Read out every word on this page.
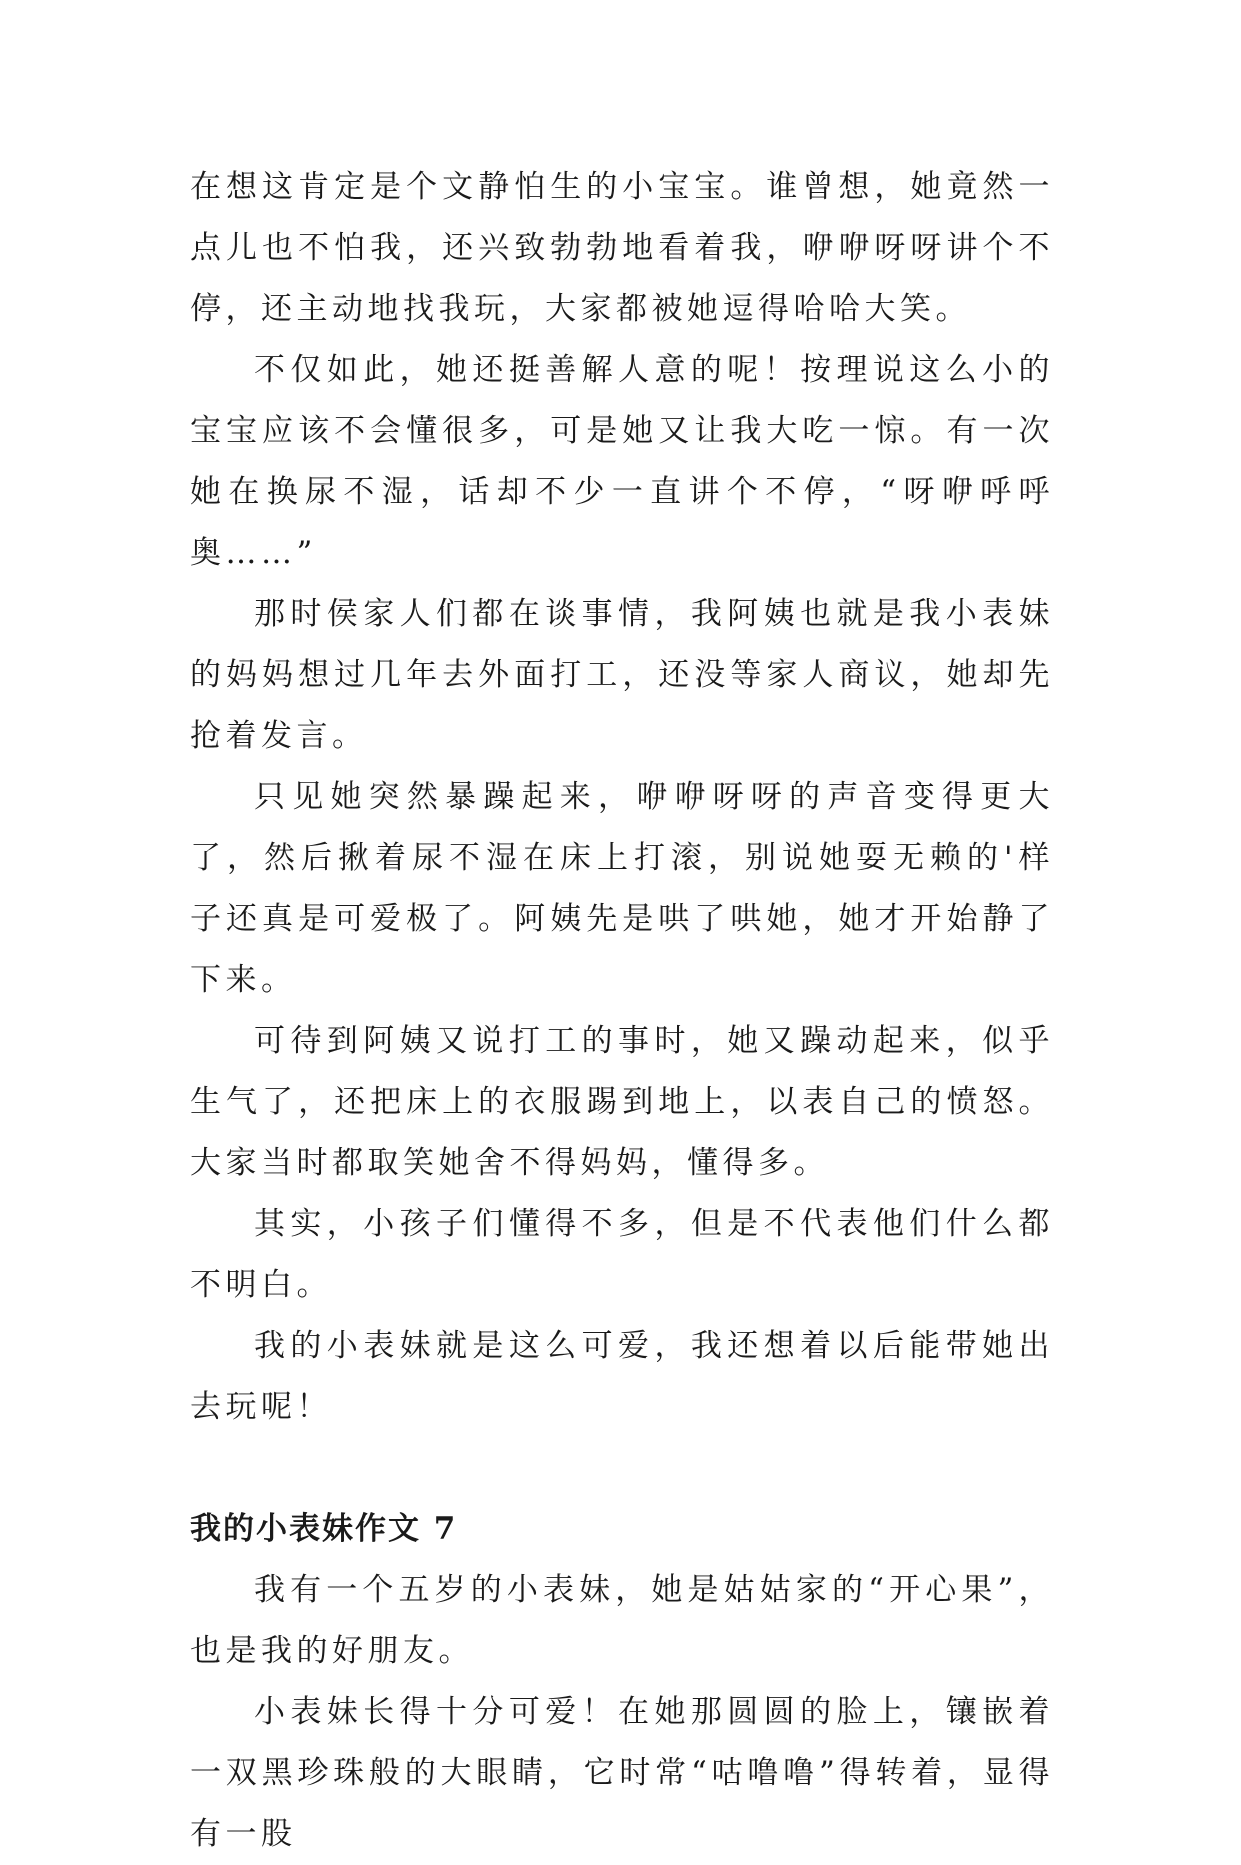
在想这肯定是个文静怕生的小宝宝。谁曾想，她竟然一点儿也不怕我，还兴致勃勃地看着我，咿咿呀呀讲个不停，还主动地找我玩，大家都被她逗得哈哈大笑。

不仅如此，她还挺善解人意的呢！按理说这么小的宝宝应该不会懂很多，可是她又让我大吃一惊。有一次她在换尿不湿，话却不少一直讲个不停，“呀咿呼呼奥……”

那时侯家人们都在谈事情，我阿姨也就是我小表妹的妈妈想过几年去外面打工，还没等家人商议，她却先抢着发言。

只见她突然暴躁起来，咿咿呀呀的声音变得更大了，然后揪着尿不湿在床上打滚，别说她耍无赖的'样子还真是可爱极了。阿姨先是哄了哄她，她才开始静了下来。

可待到阿姨又说打工的事时，她又躁动起来，似乎生气了，还把床上的衣服踢到地上，以表自己的愤怒。大家当时都取笑她舍不得妈妈，懂得多。

其实，小孩子们懂得不多，但是不代表他们什么都不明白。

我的小表妹就是这么可爱，我还想着以后能带她出去玩呢！

我的小表妹作文 7

我有一个五岁的小表妹，她是姑姑家的“开心果”，也是我的好朋友。

小表妹长得十分可爱！在她那圆圆的脸上，镶嵌着一双黑珍珠般的大眼睛，它时常“咕噜噜”得转着，显得有一股
